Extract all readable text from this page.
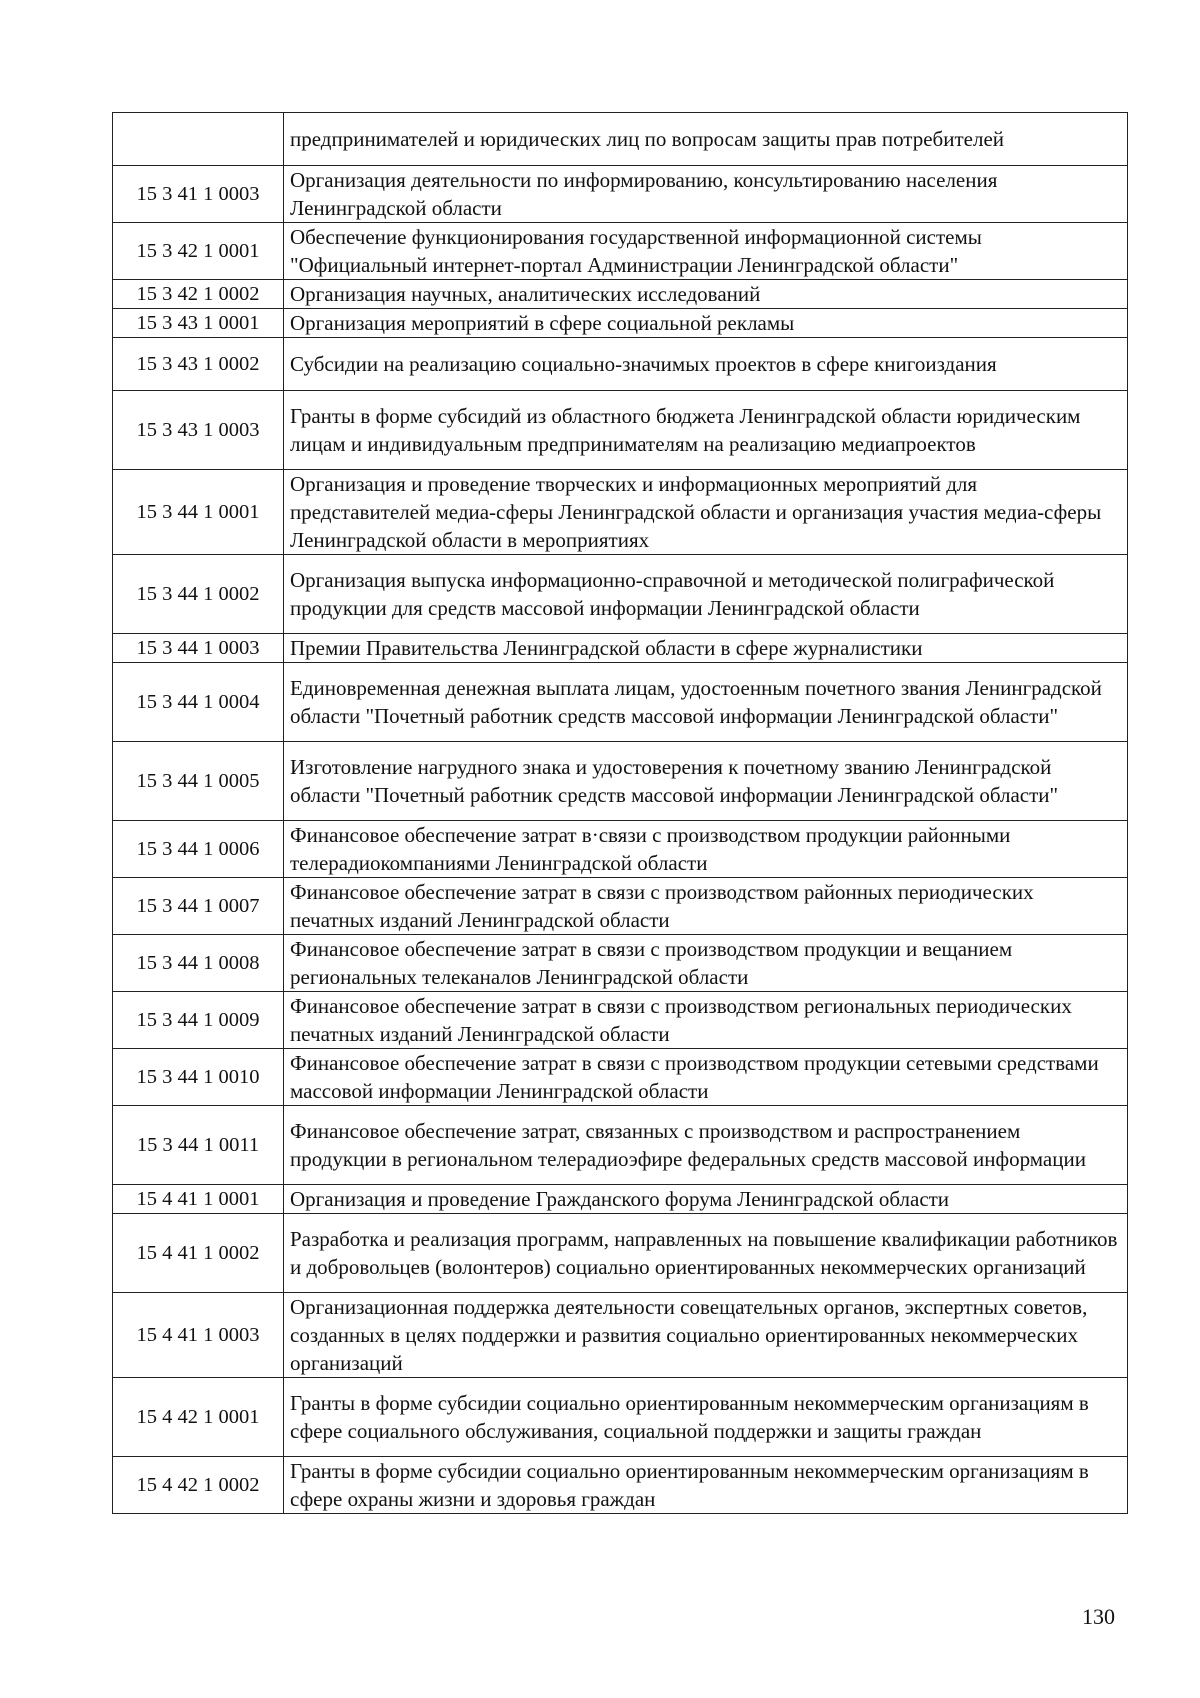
	предпринимателей и юридических лиц по вопросам защиты прав потребителей
15 3 41 1 0003	Организация деятельности по информированию, консультированию населения Ленинградской области
15 3 42 1 0001	Обеспечение функционирования государственной информационной системы "Официальный интернет-портал Администрации Ленинградской области"
15 3 42 1 0002	Организация научных, аналитических исследований
15 3 43 1 0001	Организация мероприятий в сфере социальной рекламы
15 3 43 1 0002	Субсидии на реализацию социально-значимых проектов в сфере книгоиздания
15 3 43 1 0003	Гранты в форме субсидий из областного бюджета Ленинградской области юридическим лицам и индивидуальным предпринимателям на реализацию медиапроектов
15 3 44 1 0001	Организация и проведение творческих и информационных мероприятий для представителей медиа-сферы Ленинградской области и организация участия медиа-сферы Ленинградской области в мероприятиях
15 3 44 1 0002	Организация выпуска информационно-справочной и методической полиграфической продукции для средств массовой информации Ленинградской области
15 3 44 1 0003	Премии Правительства Ленинградской области в сфере журналистики
15 3 44 1 0004	Единовременная денежная выплата лицам, удостоенным почетного звания Ленинградской области "Почетный работник средств массовой информации Ленинградской области"
15 3 44 1 0005	Изготовление нагрудного знака и удостоверения к почетному званию Ленинградской области "Почетный работник средств массовой информации Ленинградской области"
15 3 44 1 0006	Финансовое обеспечение затрат в·связи с производством продукции районными телерадиокомпаниями Ленинградской области
15 3 44 1 0007	Финансовое обеспечение затрат в связи с производством районных периодических печатных изданий Ленинградской области
15 3 44 1 0008	Финансовое обеспечение затрат в связи с производством продукции и вещанием региональных телеканалов Ленинградской области
15 3 44 1 0009	Финансовое обеспечение затрат в связи с производством региональных периодических печатных изданий Ленинградской области
15 3 44 1 0010	Финансовое обеспечение затрат в связи с производством продукции сетевыми средствами массовой информации Ленинградской области
15 3 44 1 0011	Финансовое обеспечение затрат, связанных с производством и распространением продукции в региональном телерадиоэфире федеральных средств массовой информации
15 4 41 1 0001	Организация и проведение Гражданского форума Ленинградской области
15 4 41 1 0002	Разработка и реализация программ, направленных на повышение квалификации работников и добровольцев (волонтеров) социально ориентированных некоммерческих организаций
15 4 41 1 0003	Организационная поддержка деятельности совещательных органов, экспертных советов, созданных в целях поддержки и развития социально ориентированных некоммерческих организаций
15 4 42 1 0001	Гранты в форме субсидии социально ориентированным некоммерческим организациям в сфере социального обслуживания, социальной поддержки и защиты граждан
15 4 42 1 0002	Гранты в форме субсидии социально ориентированным некоммерческим организациям в сфере охраны жизни и здоровья граждан
130
